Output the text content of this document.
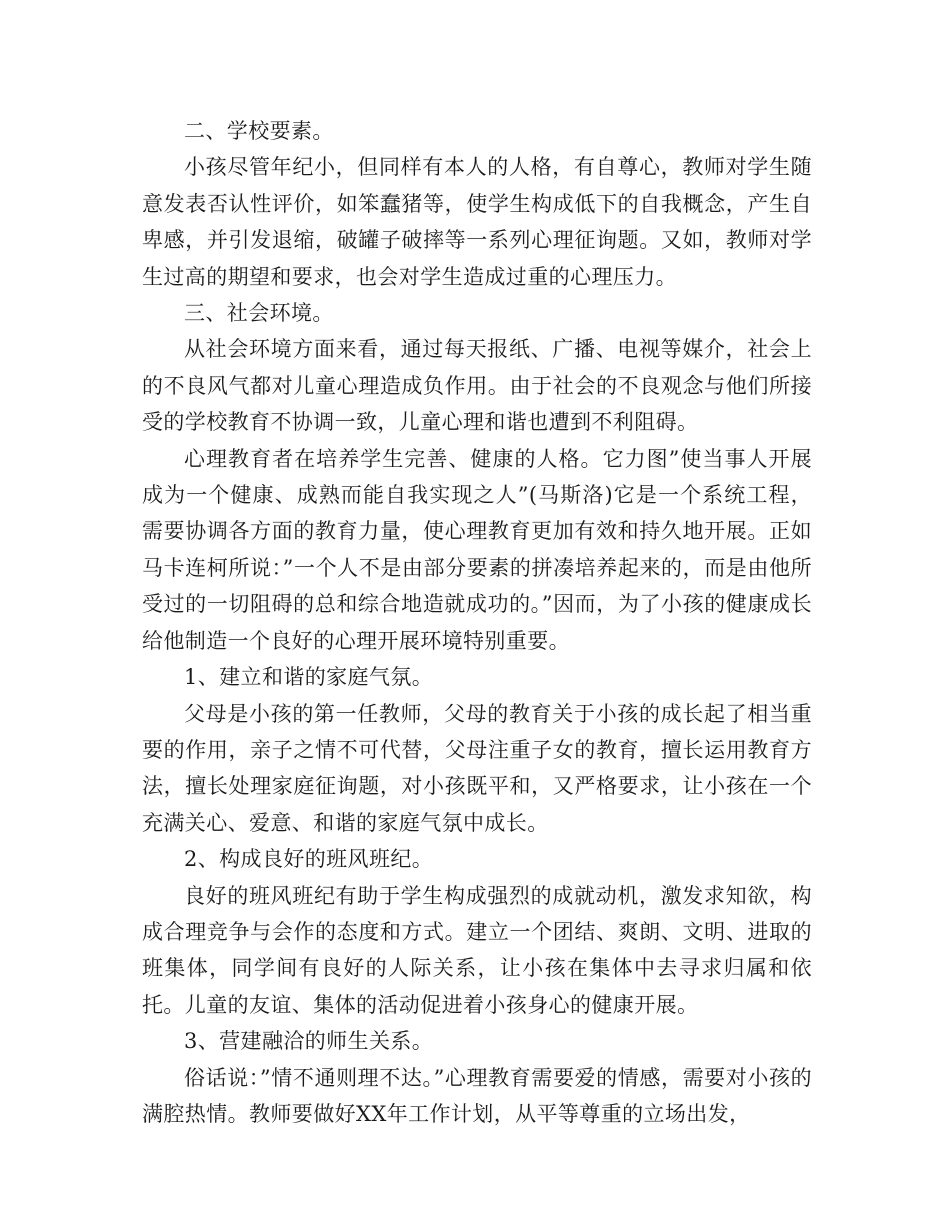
二、学校要素。

小孩尽管年纪小，但同样有本人的人格，有自尊心，教师对学生随意发表否认性评价，如笨蠢猪等，使学生构成低下的自我概念，产生自卑感，并引发退缩，破罐子破摔等一系列心理征询题。又如，教师对学生过高的期望和要求，也会对学生造成过重的心理压力。

三、社会环境。

从社会环境方面来看，通过每天报纸、广播、电视等媒介，社会上的不良风气都对儿童心理造成负作用。由于社会的不良观念与他们所接受的学校教育不协调一致，儿童心理和谐也遭到不利阻碍。

心理教育者在培养学生完善、健康的人格。它力图”使当事人开展成为一个健康、成熟而能自我实现之人”(马斯洛)它是一个系统工程，需要协调各方面的教育力量，使心理教育更加有效和持久地开展。正如马卡连柯所说：”一个人不是由部分要素的拼凑培养起来的，而是由他所受过的一切阻碍的总和综合地造就成功的。”因而，为了小孩的健康成长给他制造一个良好的心理开展环境特别重要。

1、建立和谐的家庭气氛。

父母是小孩的第一任教师，父母的教育关于小孩的成长起了相当重要的作用，亲子之情不可代替，父母注重子女的教育，擅长运用教育方法，擅长处理家庭征询题，对小孩既平和，又严格要求，让小孩在一个充满关心、爱意、和谐的家庭气氛中成长。

2、构成良好的班风班纪。

良好的班风班纪有助于学生构成强烈的成就动机，激发求知欲，构成合理竞争与会作的态度和方式。建立一个团结、爽朗、文明、进取的班集体，同学间有良好的人际关系，让小孩在集体中去寻求归属和依托。儿童的友谊、集体的活动促进着小孩身心的健康开展。

3、营建融洽的师生关系。

俗话说：”情不通则理不达。”心理教育需要爱的情感，需要对小孩的满腔热情。教师要做好XX年工作计划，从平等尊重的立场出发，
